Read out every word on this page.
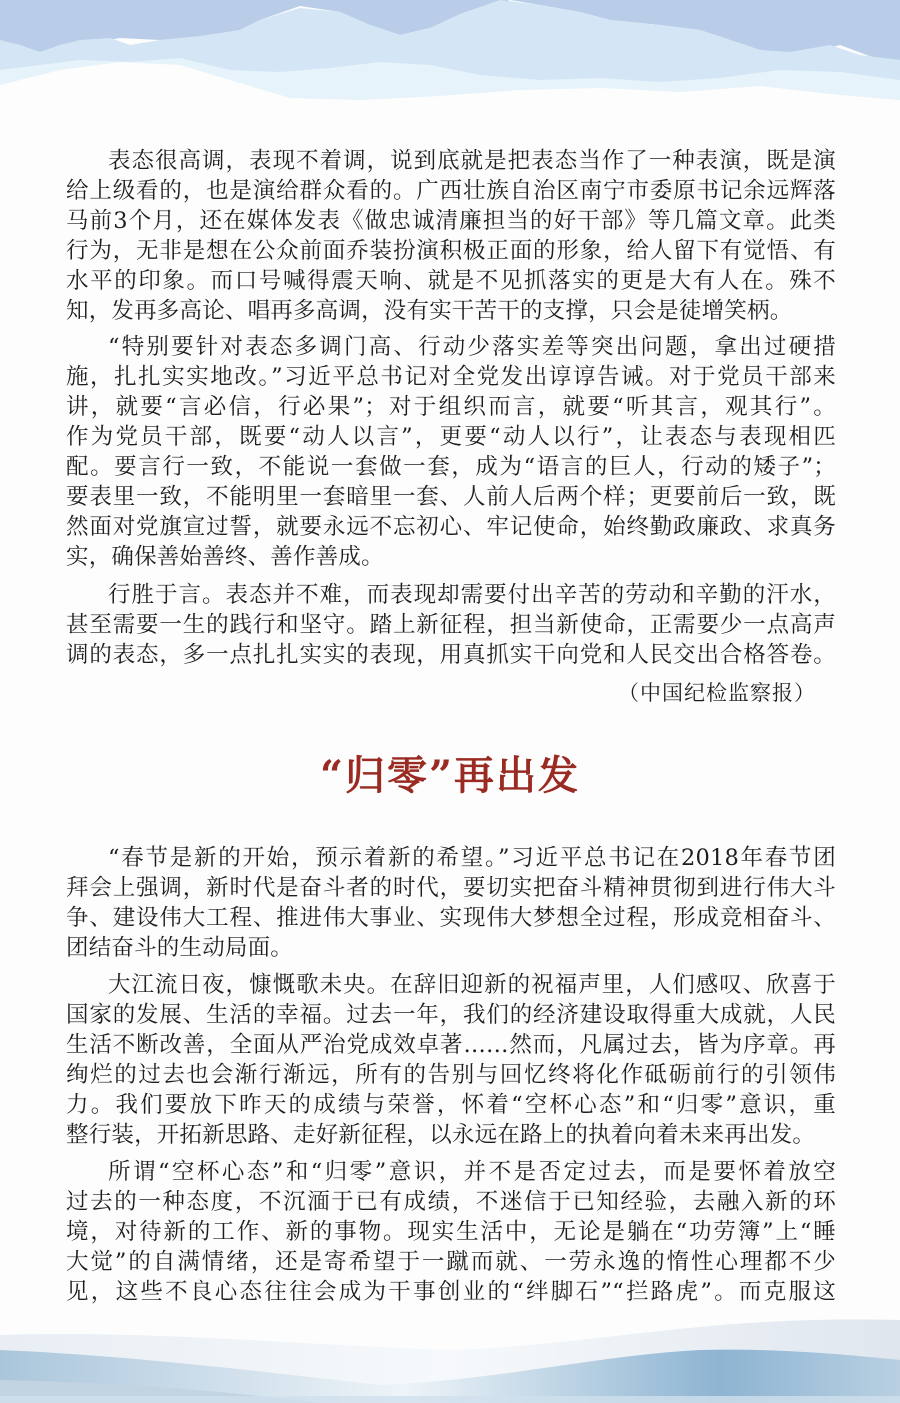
表态很高调，表现不着调，说到底就是把表态当作了一种表演，既是演
给上级看的，也是演给群众看的。广西壮族自治区南宁市委原书记余远辉落
马前3个月，还在媒体发表《做忠诚清廉担当的好干部》等几篇文章。此类
行为，无非是想在公众前面乔装扮演积极正面的形象，给人留下有觉悟、有
水平的印象。而口号喊得震天响、就是不见抓落实的更是大有人在。殊不
知，发再多高论、唱再多高调，没有实干苦干的支撑，只会是徒增笑柄。
“特别要针对表态多调门高、行动少落实差等突出问题，拿出过硬措
施，扎扎实实地改。”习近平总书记对全党发出谆谆告诫。对于党员干部来
讲，就要“言必信，行必果”；对于组织而言，就要“听其言，观其行”。
作为党员干部，既要“动人以言”，更要“动人以行”，让表态与表现相匹
配。要言行一致，不能说一套做一套，成为“语言的巨人，行动的矮子”；
要表里一致，不能明里一套暗里一套、人前人后两个样；更要前后一致，既
然面对党旗宣过誓，就要永远不忘初心、牢记使命，始终勤政廉政、求真务
实，确保善始善终、善作善成。
行胜于言。表态并不难，而表现却需要付出辛苦的劳动和辛勤的汗水，
甚至需要一生的践行和坚守。踏上新征程，担当新使命，正需要少一点高声
调的表态，多一点扎扎实实的表现，用真抓实干向党和人民交出合格答卷。
（中国纪检监察报）
“归零”再出发
“春节是新的开始，预示着新的希望。”习近平总书记在2018年春节团
拜会上强调，新时代是奋斗者的时代，要切实把奋斗精神贯彻到进行伟大斗
争、建设伟大工程、推进伟大事业、实现伟大梦想全过程，形成竞相奋斗、
团结奋斗的生动局面。
大江流日夜，慷慨歌未央。在辞旧迎新的祝福声里，人们感叹、欣喜于
国家的发展、生活的幸福。过去一年，我们的经济建设取得重大成就，人民
生活不断改善，全面从严治党成效卓著……然而，凡属过去，皆为序章。再
绚烂的过去也会渐行渐远，所有的告别与回忆终将化作砥砺前行的引领伟
力。我们要放下昨天的成绩与荣誉，怀着“空杯心态”和“归零”意识，重
整行装，开拓新思路、走好新征程，以永远在路上的执着向着未来再出发。
所谓“空杯心态”和“归零”意识，并不是否定过去，而是要怀着放空
过去的一种态度，不沉湎于已有成绩，不迷信于已知经验，去融入新的环
境，对待新的工作、新的事物。现实生活中，无论是躺在“功劳簿”上“睡
大觉”的自满情绪，还是寄希望于一蹴而就、一劳永逸的惰性心理都不少
见，这些不良心态往往会成为干事创业的“绊脚石”“拦路虎”。而克服这
